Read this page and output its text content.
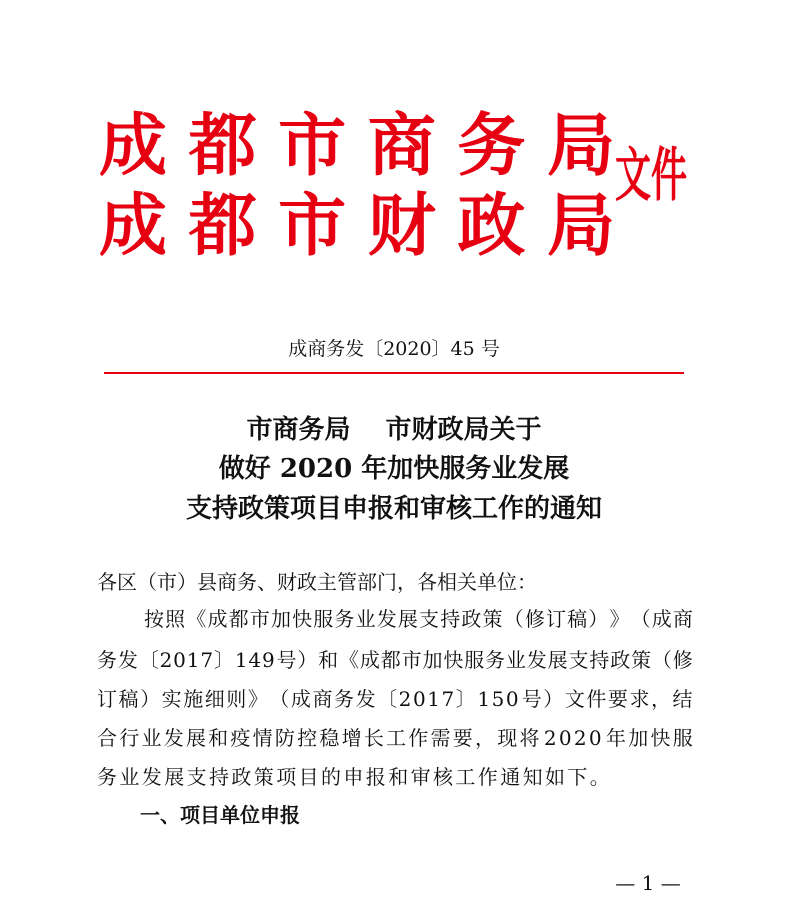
成 都 市 商 务 局
成 都 市 财 政 局
文件
成商务发〔2020〕45 号
市商务局　 市财政局关于
做好 2020 年加快服务业发展
支持政策项目申报和审核工作的通知
各区（市）县商务、财政主管部门，各相关单位：
按 照 《 成 都 市 加 快 服 务 业 发 展 支 持 政 策 （ 修 订 稿 ） 》 （ 成 商
务 发 〔 2 0 1 7 〕 1 4 9 号 ） 和 《 成 都 市 加 快 服 务 业 发 展 支 持 政 策 （ 修
订 稿 ） 实 施 细 则 》 （ 成 商 务 发 〔 2 0 1 7 〕 1 5 0 号 ） 文 件 要 求 ， 结
合 行 业 发 展 和 疫 情 防 控 稳 增 长 工 作 需 要 ， 现 将 2 0 2 0 年 加 快 服
务业发展支持政策项目的申报和审核工作通知如下。
一、项目单位申报
— 1 —
